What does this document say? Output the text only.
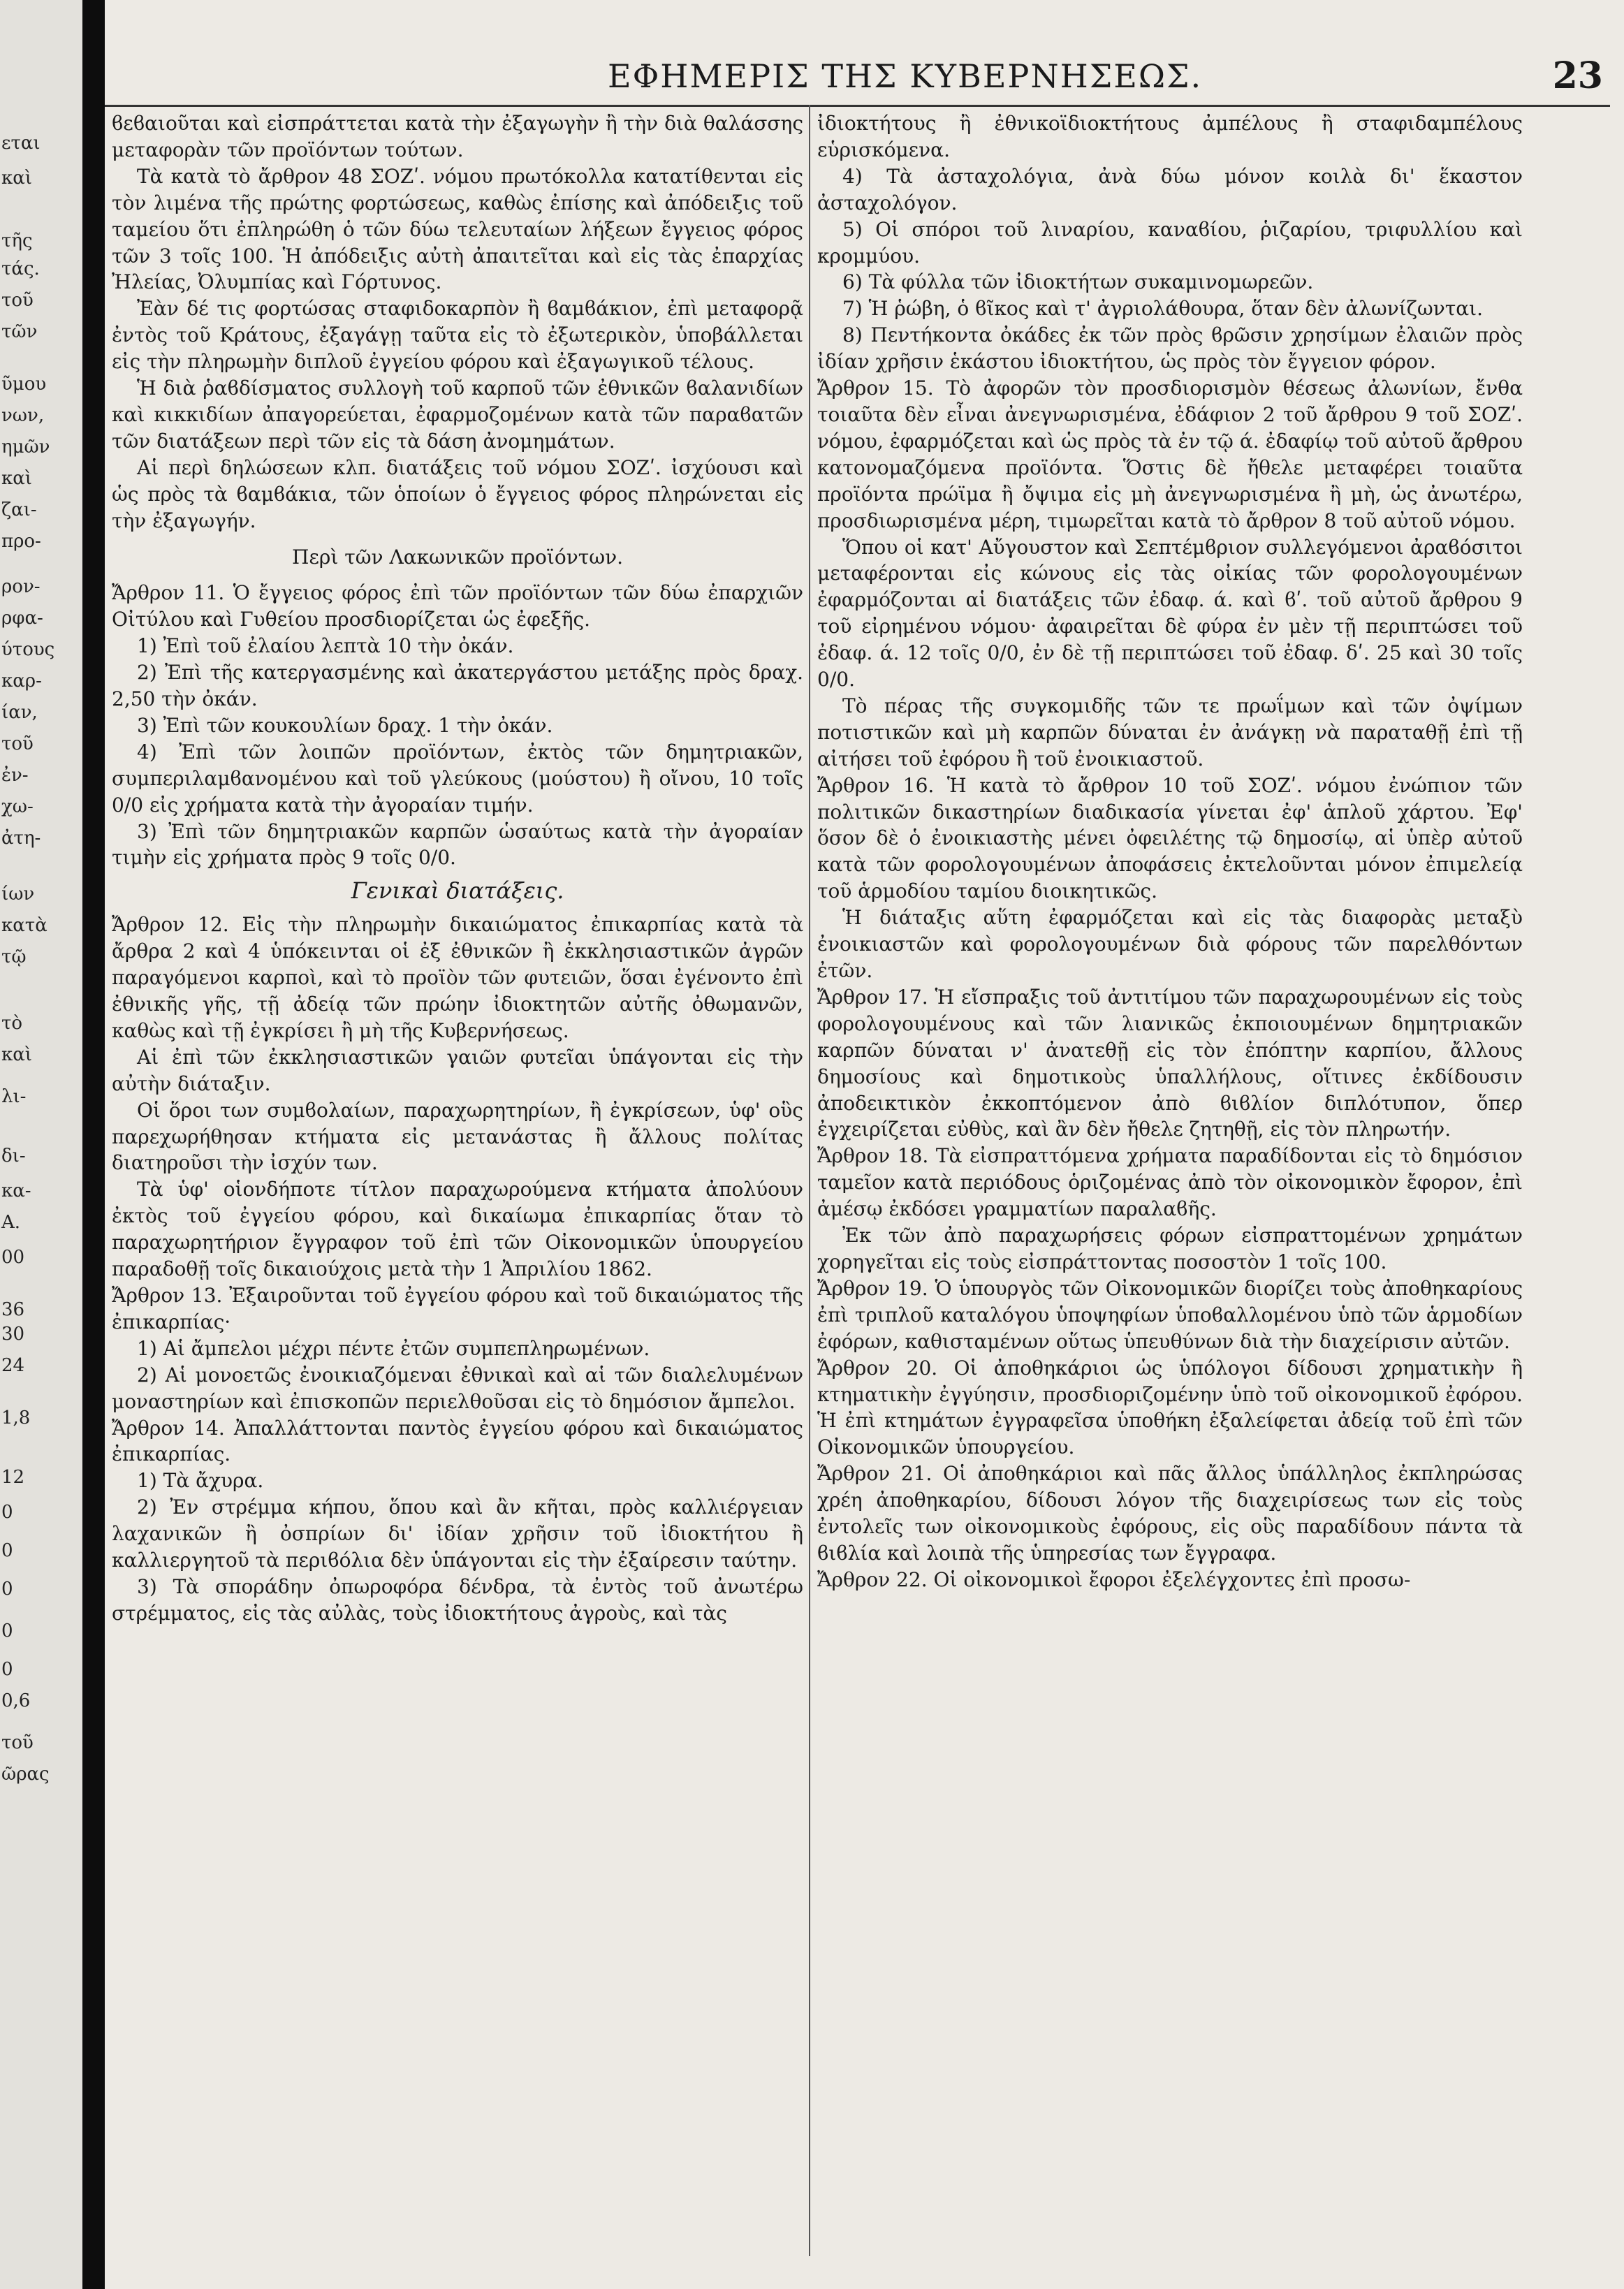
εται
καὶ
τῆς
τάς.
τοῦ
τῶν
ῦμου
νων,
ημῶν
καὶ
ζαι-
προ-
ρον-
ρφα-
ύτους
καρ-
ίαν,
τοῦ
ἐν-
χω-
ἀτη-
ίων
κατὰ
τῷ
τὸ
καὶ
λι-
δι-
κα-
A.
00
36
30
24
1,8
12
0
0
0
0
0
0,6
τοῦ
ῶρας
ΕΦΗΜΕΡΙΣ ΤΗΣ ΚΥΒΕΡΝΗΣΕΩΣ.	23

ϐεϐαιοῦται καὶ εἰσπράττεται κατὰ τὴν ἐξαγωγὴν ἢ τὴν διὰ θαλάσσης μεταφορὰν τῶν προϊόντων τούτων.

Τὰ κατὰ τὸ ἄρθρον 48 ΣΟΖʹ. νόμου πρωτόκολλα κατατίθενται εἰς τὸν λιμένα τῆς πρώτης φορτώσεως, καθὼς ἐπίσης καὶ ἀπόδειξις τοῦ ταμείου ὅτι ἐπληρώθη ὁ τῶν δύω τελευταίων λήξεων ἔγγειος φόρος τῶν 3 τοῖς 100. Ἡ ἀπόδειξις αὐτὴ ἀπαιτεῖται καὶ εἰς τὰς ἐπαρχίας Ἠλείας, Ὀλυμπίας καὶ Γόρτυνος.

Ἐὰν δέ τις φορτώσας σταφιδοκαρπὸν ἢ ϐαμϐάκιον, ἐπὶ μεταφορᾷ ἐντὸς τοῦ Κράτους, ἐξαγάγῃ ταῦτα εἰς τὸ ἐξωτερικὸν, ὑποβάλλεται εἰς τὴν πληρωμὴν διπλοῦ ἐγγείου φόρου καὶ ἐξαγωγικοῦ τέλους.

Ἡ διὰ ῥαϐδίσματος συλλογὴ τοῦ καρποῦ τῶν ἐθνικῶν ϐαλανιδίων καὶ κικκιδίων ἀπαγορεύεται, ἐφαρμοζομένων κατὰ τῶν παραϐατῶν τῶν διατάξεων περὶ τῶν εἰς τὰ δάση ἀνομημάτων.

Αἱ περὶ δηλώσεων κλπ. διατάξεις τοῦ νόμου ΣΟΖʹ. ἰσχύουσι καὶ ὡς πρὸς τὰ ϐαμϐάκια, τῶν ὁποίων ὁ ἔγγειος φόρος πληρώνεται εἰς τὴν ἐξαγωγήν.

Περὶ τῶν Λακωνικῶν προϊόντων.

Ἄρθρον 11. Ὁ ἔγγειος φόρος ἐπὶ τῶν προϊόντων τῶν δύω ἐπαρχιῶν Οἰτύλου καὶ Γυθείου προσδιορίζεται ὡς ἐφεξῆς.

1) Ἐπὶ τοῦ ἐλαίου λεπτὰ 10 τὴν ὀκάν.

2) Ἐπὶ τῆς κατεργασμένης καὶ ἀκατεργάστου μετάξης πρὸς δραχ. 2,50 τὴν ὀκάν.

3) Ἐπὶ τῶν κουκουλίων δραχ. 1 τὴν ὀκάν.

4) Ἐπὶ τῶν λοιπῶν προϊόντων, ἐκτὸς τῶν δημητριακῶν, συμπεριλαμϐανομένου καὶ τοῦ γλεύκους (μούστου) ἢ οἴνου, 10 τοῖς 0/0 εἰς χρήματα κατὰ τὴν ἀγοραίαν τιμήν.

3) Ἐπὶ τῶν δημητριακῶν καρπῶν ὡσαύτως κατὰ τὴν ἀγοραίαν τιμὴν εἰς χρήματα πρὸς 9 τοῖς 0/0.

Γενικαὶ διατάξεις.

Ἄρθρον 12. Εἰς τὴν πληρωμὴν δικαιώματος ἐπικαρπίας κατὰ τὰ ἄρθρα 2 καὶ 4 ὑπόκεινται οἱ ἐξ ἐθνικῶν ἢ ἐκκλησιαστικῶν ἀγρῶν παραγόμενοι καρποὶ, καὶ τὸ προϊὸν τῶν φυτειῶν, ὅσαι ἐγένοντο ἐπὶ ἐθνικῆς γῆς, τῇ ἀδείᾳ τῶν πρώην ἰδιοκτητῶν αὐτῆς ὀθωμανῶν, καθὼς καὶ τῇ ἐγκρίσει ἢ μὴ τῆς Κυβερνήσεως.

Αἱ ἐπὶ τῶν ἐκκλησιαστικῶν γαιῶν φυτεῖαι ὑπάγονται εἰς τὴν αὐτὴν διάταξιν.

Οἱ ὅροι των συμϐολαίων, παραχωρητηρίων, ἢ ἐγκρίσεων, ὑφ' οὓς παρεχωρήθησαν κτήματα εἰς μετανάστας ἢ ἄλλους πολίτας διατηροῦσι τὴν ἰσχύν των.

Τὰ ὑφ' οἱονδήποτε τίτλον παραχωρούμενα κτήματα ἀπολύουν ἐκτὸς τοῦ ἐγγείου φόρου, καὶ δικαίωμα ἐπικαρπίας ὅταν τὸ παραχωρητήριον ἔγγραφον τοῦ ἐπὶ τῶν Οἰκονομικῶν ὑπουργείου παραδοθῇ τοῖς δικαιούχοις μετὰ τὴν 1 Ἀπριλίου 1862.

Ἄρθρον 13. Ἐξαιροῦνται τοῦ ἐγγείου φόρου καὶ τοῦ δικαιώματος τῆς ἐπικαρπίας·

1) Αἱ ἄμπελοι μέχρι πέντε ἐτῶν συμπεπληρωμένων.

2) Αἱ μονοετῶς ἐνοικιαζόμεναι ἐθνικαὶ καὶ αἱ τῶν διαλελυμένων μοναστηρίων καὶ ἐπισκοπῶν περιελθοῦσαι εἰς τὸ δημόσιον ἄμπελοι.

Ἄρθρον 14. Ἀπαλλάττονται παντὸς ἐγγείου φόρου καὶ δικαιώματος ἐπικαρπίας.

1) Τὰ ἄχυρα.

2) Ἐν στρέμμα κήπου, ὅπου καὶ ἂν κῆται, πρὸς καλλιέργειαν λαχανικῶν ἢ ὀσπρίων δι' ἰδίαν χρῆσιν τοῦ ἰδιοκτήτου ἢ καλλιεργητοῦ τὰ περιϐόλια δὲν ὑπάγονται εἰς τὴν ἐξαίρεσιν ταύτην.

3) Τὰ σποράδην ὀπωροφόρα δένδρα, τὰ ἐντὸς τοῦ ἀνωτέρω στρέμματος, εἰς τὰς αὐλὰς, τοὺς ἰδιοκτήτους ἀγροὺς, καὶ τὰς

ἰδιοκτήτους ἢ ἐθνικοϊδιοκτήτους ἀμπέλους ἢ σταφιδαμπέλους εὑρισκόμενα.

4) Τὰ ἀσταχολόγια, ἀνὰ δύω μόνον κοιλὰ δι' ἕκαστον ἀσταχολόγον.

5) Οἱ σπόροι τοῦ λιναρίου, καναϐίου, ῥιζαρίου, τριφυλλίου καὶ κρομμύου.

6) Τὰ φύλλα τῶν ἰδιοκτήτων συκαμινομωρεῶν.

7) Ἡ ῥώβη, ὁ ϐῖκος καὶ τ' ἀγριολάθουρα, ὅταν δὲν ἀλωνίζωνται.

8) Πεντήκοντα ὀκάδες ἐκ τῶν πρὸς ϐρῶσιν χρησίμων ἐλαιῶν πρὸς ἰδίαν χρῆσιν ἑκάστου ἰδιοκτήτου, ὡς πρὸς τὸν ἔγγειον φόρον.

Ἄρθρον 15. Τὸ ἀφορῶν τὸν προσδιορισμὸν θέσεως ἀλωνίων, ἔνθα τοιαῦτα δὲν εἶναι ἀνεγνωρισμένα, ἐδάφιον 2 τοῦ ἄρθρου 9 τοῦ ΣΟΖʹ. νόμου, ἐφαρμόζεται καὶ ὡς πρὸς τὰ ἐν τῷ ά. ἐδαφίῳ τοῦ αὐτοῦ ἄρθρου κατονομαζόμενα προϊόντα. Ὅστις δὲ ἤθελε μεταφέρει τοιαῦτα προϊόντα πρώϊμα ἢ ὄψιμα εἰς μὴ ἀνεγνωρισμένα ἢ μὴ, ὡς ἀνωτέρω, προσδιωρισμένα μέρη, τιμωρεῖται κατὰ τὸ ἄρθρον 8 τοῦ αὐτοῦ νόμου.

Ὅπου οἱ κατ' Αὔγουστον καὶ Σεπτέμϐριον συλλεγόμενοι ἀραϐόσιτοι μεταφέρονται εἰς κώνους εἰς τὰς οἰκίας τῶν φορολογουμένων ἐφαρμόζονται αἱ διατάξεις τῶν ἐδαφ. ά. καὶ ϐʹ. τοῦ αὐτοῦ ἄρθρου 9 τοῦ εἰρημένου νόμου· ἀφαιρεῖται δὲ φύρα ἐν μὲν τῇ περιπτώσει τοῦ ἐδαφ. ά. 12 τοῖς 0/0, ἐν δὲ τῇ περιπτώσει τοῦ ἐδαφ. δʹ. 25 καὶ 30 τοῖς 0/0.

Τὸ πέρας τῆς συγκομιδῆς τῶν τε πρωΐμων καὶ τῶν ὀψίμων ποτιστικῶν καὶ μὴ καρπῶν δύναται ἐν ἀνάγκῃ νὰ παραταθῇ ἐπὶ τῇ αἰτήσει τοῦ ἐφόρου ἢ τοῦ ἐνοικιαστοῦ.

Ἄρθρον 16. Ἡ κατὰ τὸ ἄρθρον 10 τοῦ ΣΟΖʹ. νόμου ἐνώπιον τῶν πολιτικῶν δικαστηρίων διαδικασία γίνεται ἐφ' ἁπλοῦ χάρτου. Ἐφ' ὅσον δὲ ὁ ἐνοικιαστὴς μένει ὀφειλέτης τῷ δημοσίῳ, αἱ ὑπὲρ αὐτοῦ κατὰ τῶν φορολογουμένων ἀποφάσεις ἐκτελοῦνται μόνον ἐπιμελείᾳ τοῦ ἁρμοδίου ταμίου διοικητικῶς.

Ἡ διάταξις αὕτη ἐφαρμόζεται καὶ εἰς τὰς διαφορὰς μεταξὺ ἐνοικιαστῶν καὶ φορολογουμένων διὰ φόρους τῶν παρελθόντων ἐτῶν.

Ἄρθρον 17. Ἡ εἴσπραξις τοῦ ἀντιτίμου τῶν παραχωρουμένων εἰς τοὺς φορολογουμένους καὶ τῶν λιανικῶς ἐκποιουμένων δημητριακῶν καρπῶν δύναται ν' ἀνατεθῇ εἰς τὸν ἐπόπτην καρπίου, ἄλλους δημοσίους καὶ δημοτικοὺς ὑπαλλήλους, οἵτινες ἐκδίδουσιν ἀποδεικτικὸν ἐκκοπτόμενον ἀπὸ ϐιϐλίον διπλότυπον, ὅπερ ἐγχειρίζεται εὐθὺς, καὶ ἂν δὲν ἤθελε ζητηθῇ, εἰς τὸν πληρωτήν.

Ἄρθρον 18. Τὰ εἰσπραττόμενα χρήματα παραδίδονται εἰς τὸ δημόσιον ταμεῖον κατὰ περιόδους ὁριζομένας ἀπὸ τὸν οἰκονομικὸν ἔφορον, ἐπὶ ἀμέσῳ ἐκδόσει γραμματίων παραλαϐῆς.

Ἐκ τῶν ἀπὸ παραχωρήσεις φόρων εἰσπραττομένων χρημάτων χορηγεῖται εἰς τοὺς εἰσπράττοντας ποσοστὸν 1 τοῖς 100.

Ἄρθρον 19. Ὁ ὑπουργὸς τῶν Οἰκονομικῶν διορίζει τοὺς ἀποθηκαρίους ἐπὶ τριπλοῦ καταλόγου ὑποψηφίων ὑποϐαλλομένου ὑπὸ τῶν ἁρμοδίων ἐφόρων, καθισταμένων οὕτως ὑπευθύνων διὰ τὴν διαχείρισιν αὐτῶν.

Ἄρθρον 20. Οἱ ἀποθηκάριοι ὡς ὑπόλογοι δίδουσι χρηματικὴν ἢ κτηματικὴν ἐγγύησιν, προσδιοριζομένην ὑπὸ τοῦ οἰκονομικοῦ ἐφόρου. Ἡ ἐπὶ κτημάτων ἐγγραφεῖσα ὑποθήκη ἐξαλείφεται ἀδείᾳ τοῦ ἐπὶ τῶν Οἰκονομικῶν ὑπουργείου.

Ἄρθρον 21. Οἱ ἀποθηκάριοι καὶ πᾶς ἄλλος ὑπάλληλος ἐκπληρώσας χρέη ἀποθηκαρίου, δίδουσι λόγον τῆς διαχειρίσεως των εἰς τοὺς ἐντολεῖς των οἰκονομικοὺς ἐφόρους, εἰς οὓς παραδίδουν πάντα τὰ ϐιϐλία καὶ λοιπὰ τῆς ὑπηρεσίας των ἔγγραφα.

Ἄρθρον 22. Οἱ οἰκονομικοὶ ἔφοροι ἐξελέγχοντες ἐπὶ προσω-
